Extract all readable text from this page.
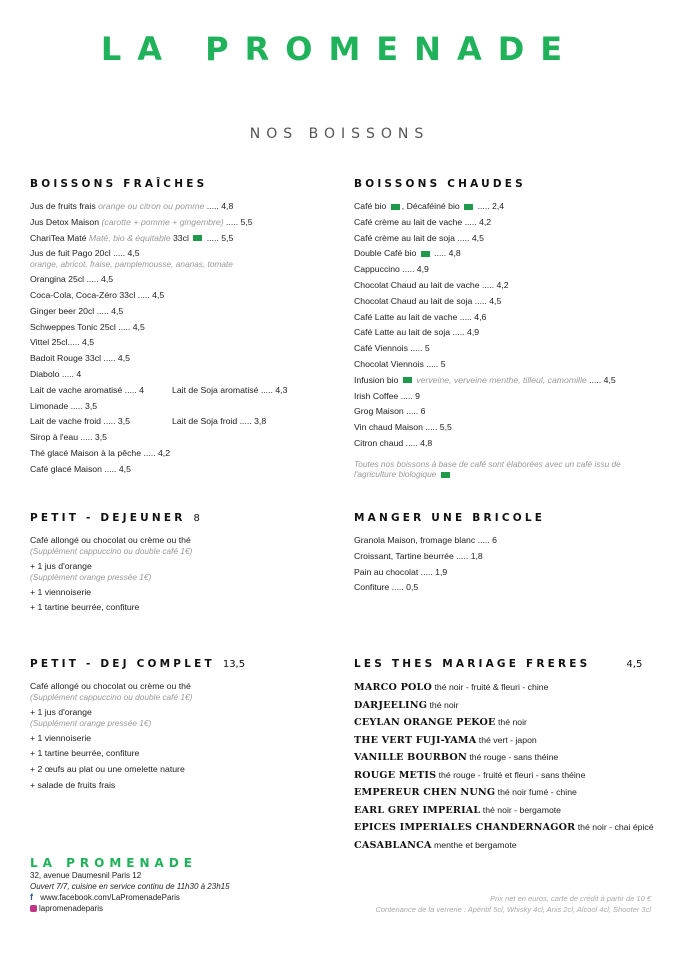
LA PROMENADE
NOS BOISSONS
BOISSONS FRAÎCHES
Jus de fruits frais orange ou citron ou pomme ..... 4,8
Jus Detox Maison (carotte + pomme + gingembre) ..... 5,5
ChariTea Maté Maté, bio & équitable 33cl  ..... 5,5
Jus de fuit Pago 20cl ..... 4,5
orange, abricot, fraise, pamplemousse, ananas, tomate
Orangina 25cl ..... 4,5
Coca-Cola, Coca-Zéro 33cl ..... 4,5
Ginger beer 20cl ..... 4,5
Schweppes Tonic 25cl ..... 4,5
Vittel 25cl..... 4,5
Badoit Rouge 33cl ..... 4,5
Diabolo ..... 4
Lait de vache aromatisé ..... 4	Lait de Soja aromatisé ..... 4,3
Limonade ..... 3,5
Lait de vache froid ..... 3,5	Lait de Soja froid ..... 3,8
Sirop à l'eau ..... 3,5
Thé glacé Maison à la pêche ..... 4,2
Café glacé Maison ..... 4,5
BOISSONS CHAUDES
Café bio , Décaféiné bio  ..... 2,4
Café crème au lait de vache ..... 4,2
Café crème au lait de soja ..... 4,5
Double Café bio  ..... 4,8
Cappuccino ..... 4,9
Chocolat Chaud au lait de vache ..... 4,2
Chocolat Chaud au lait de soja ..... 4,5
Café Latte au lait de vache ..... 4,6
Café Latte au lait de soja ..... 4,9
Café Viennois ..... 5
Chocolat Viennois ..... 5
Infusion bio  verveine, verveine menthe, tilleul, camomille ..... 4,5
Irish Coffee ..... 9
Grog Maison ..... 6
Vin chaud Maison ..... 5,5
Citron chaud ..... 4,8
Toutes nos boissons à base de café sont élaborées avec un café issu de
l'agriculture biologique
PETIT - DEJEUNER 8
Café allongé ou chocolat ou crème ou thé
(Supplément cappuccino ou double café 1€)
+ 1 jus d'orange
(Supplément orange pressée 1€)
+ 1 viennoiserie
+ 1 tartine beurrée, confiture
MANGER UNE BRICOLE
Granola Maison, fromage blanc ..... 6
Croissant, Tartine beurrée ..... 1,8
Pain au chocolat ..... 1,9
Confiture ..... 0,5
PETIT - DEJ COMPLET 13,5
Café allongé ou chocolat ou crème ou thé
(Supplément cappuccino ou double café 1€)
+ 1 jus d'orange
(Supplément orange pressée 1€)
+ 1 viennoiserie
+ 1 tartine beurrée, confiture
+ 2 œufs au plat ou une omelette nature
+ salade de fruits frais
LES THES MARIAGE FRERES	4,5
MARCO POLO thé noir - fruité & fleuri - chine
DARJEELING thé noir
CEYLAN ORANGE PEKOE thé noir
THE VERT FUJI-YAMA thé vert - japon
VANILLE BOURBON thé rouge - sans théine
ROUGE METIS thé rouge - fruité et fleuri - sans théine
EMPEREUR CHEN NUNG thé noir fumé - chine
EARL GREY IMPERIAL thé noir - bergamote
EPICES IMPERIALES CHANDERNAGOR thé noir - chai épicé
CASABLANCA menthe et bergamote
LA PROMENADE
32, avenue Daumesnil Paris 12
Ouvert 7/7, cuisine en service continu de 11h30 à 23h15
f www.facebook.com/LaPromenadeParis
lapromenadeparis
Prix net en euros, carte de crédit à partir de 10 €
Contenance de la verrerie : Apéritif 5cl, Whisky 4cl, Anis 2cl, Alcool 4cl, Shooter 3cl
